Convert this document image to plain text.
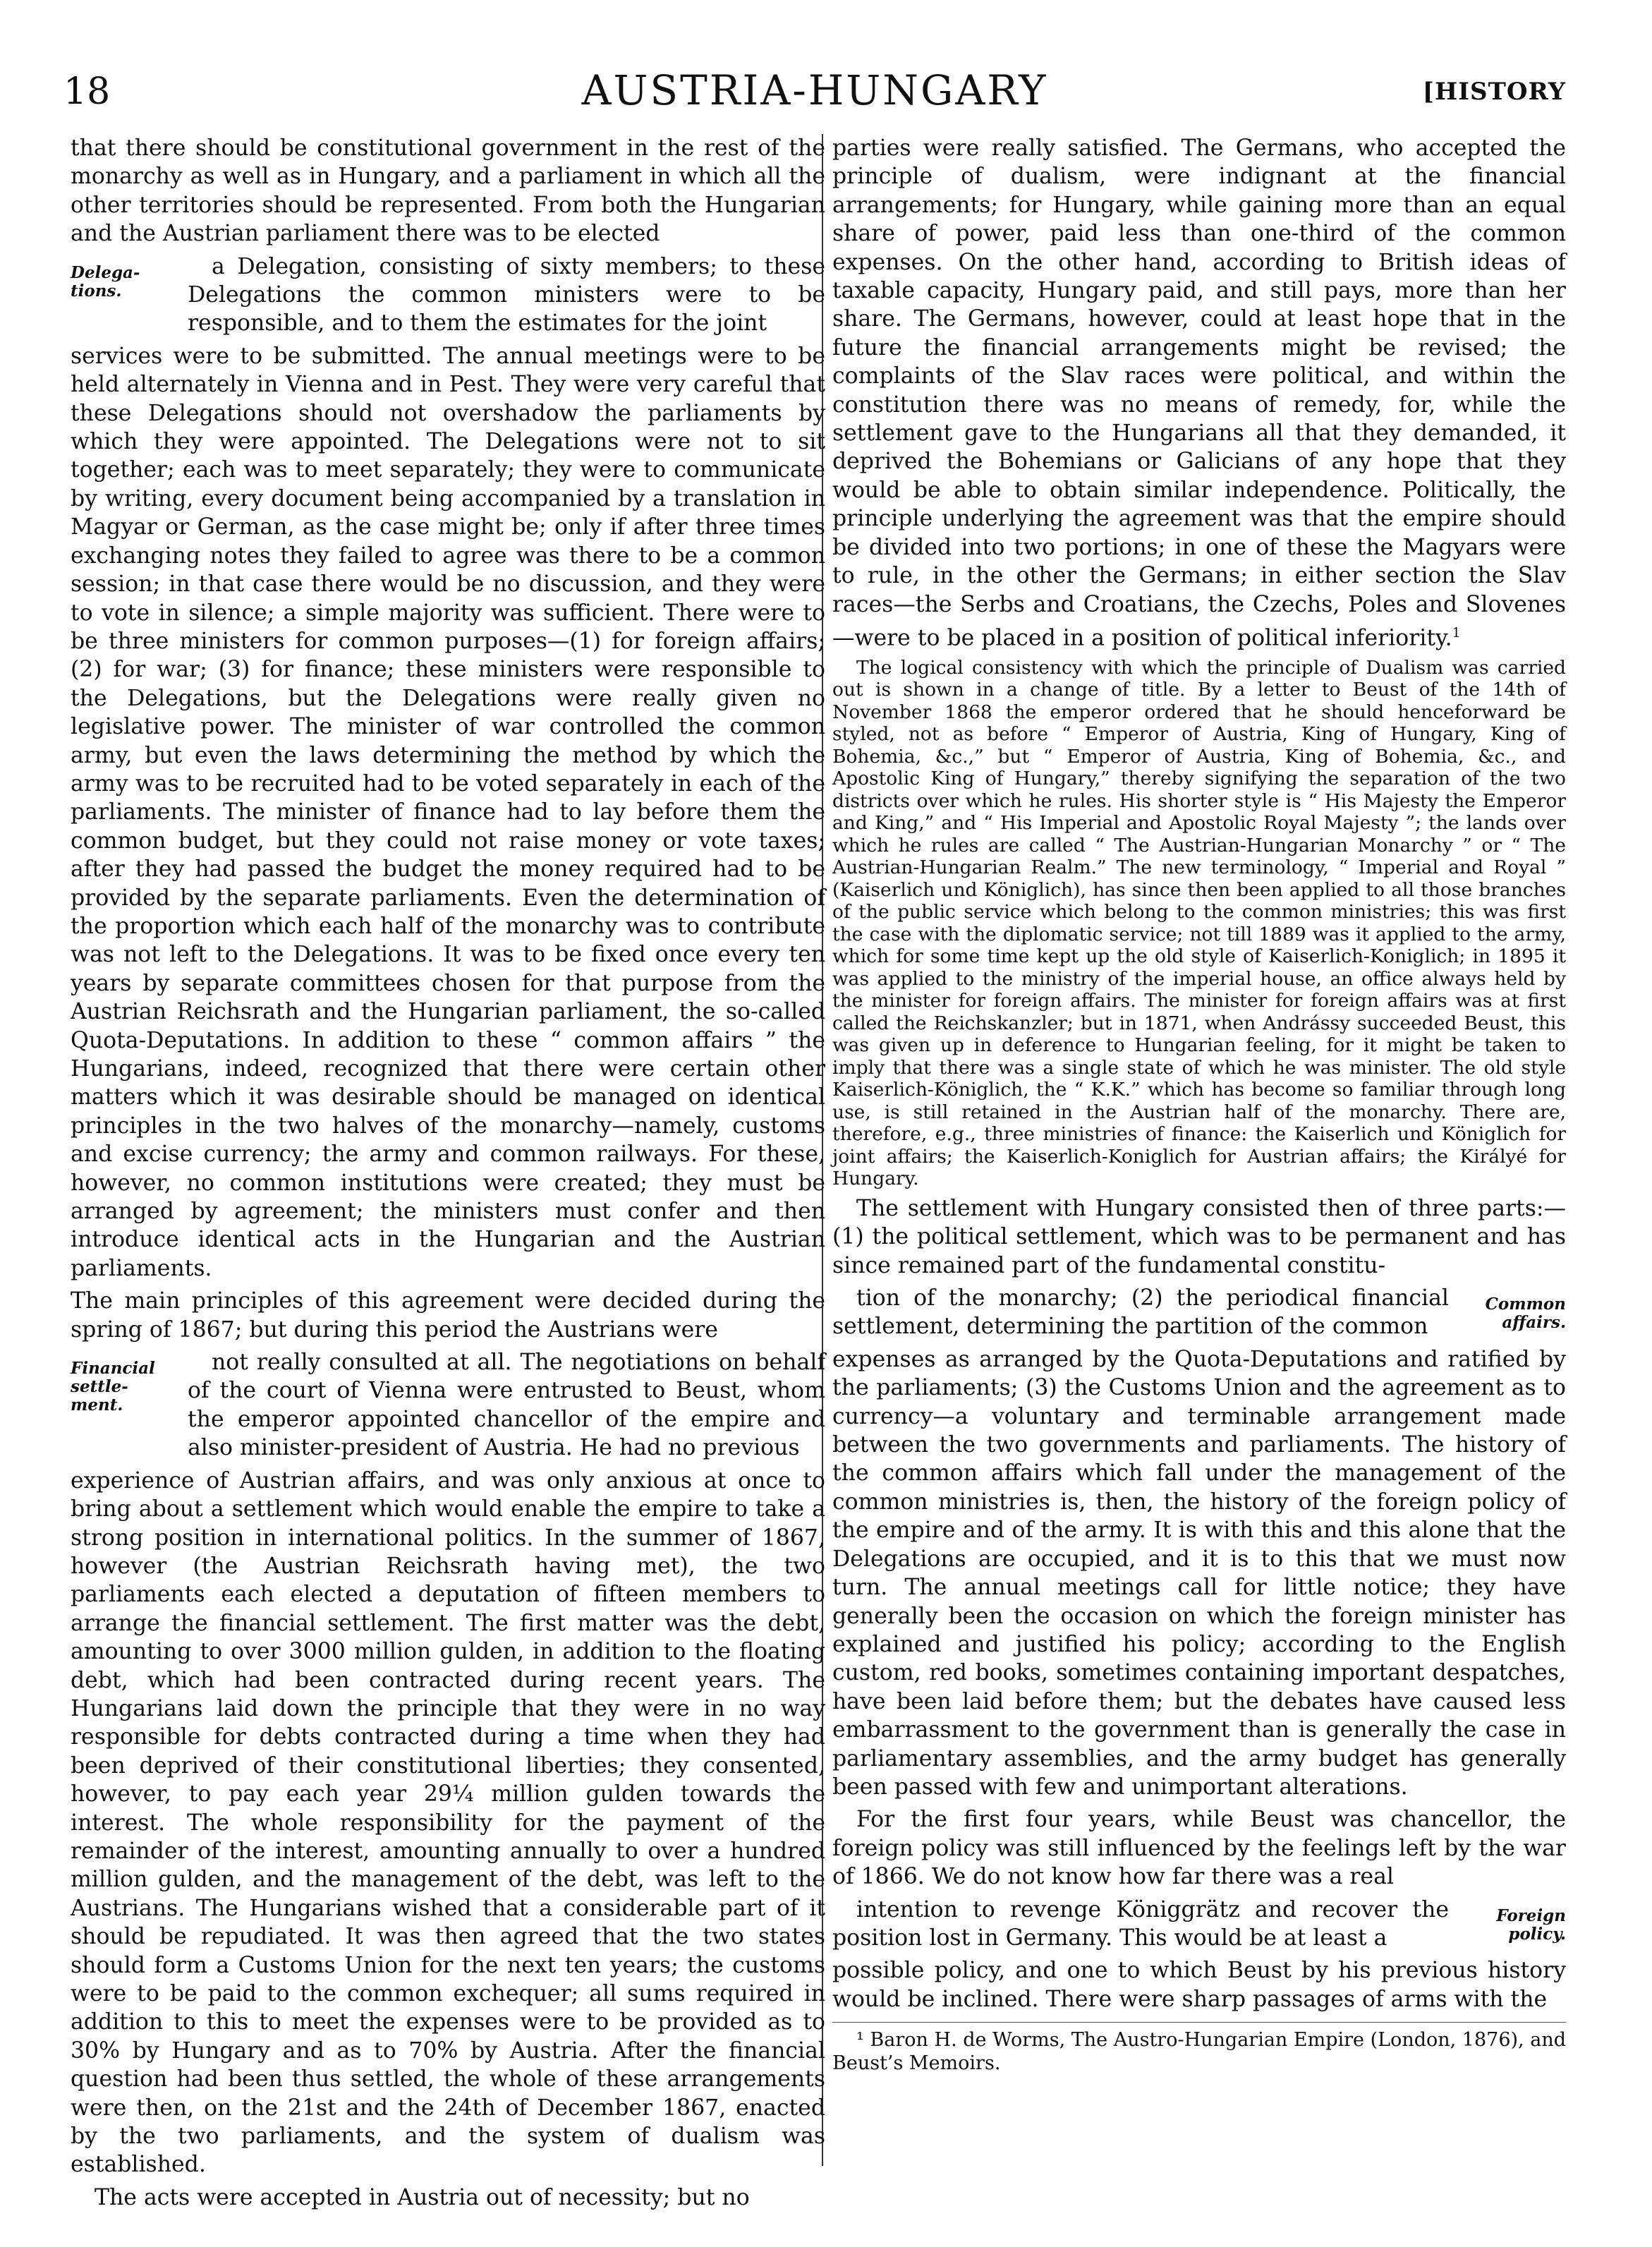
18	AUSTRIA-HUNGARY	[HISTORY

that there should be constitutional government in the rest of the monarchy as well as in Hungary, and a parliament in which all the other territories should be represented. From both the Hungarian and the Austrian parliament there was to be elected

Delega-tions.

a Delegation, consisting of sixty members; to these Delegations the common ministers were to be responsible, and to them the estimates for the joint

services were to be submitted. The annual meetings were to be held alternately in Vienna and in Pest. They were very careful that these Delegations should not overshadow the parliaments by which they were appointed. The Delegations were not to sit together; each was to meet separately; they were to communicate by writing, every document being accompanied by a translation in Magyar or German, as the case might be; only if after three times exchanging notes they failed to agree was there to be a common session; in that case there would be no discussion, and they were to vote in silence; a simple majority was sufficient. There were to be three ministers for common purposes—(1) for foreign affairs; (2) for war; (3) for finance; these ministers were responsible to the Delegations, but the Delegations were really given no legislative power. The minister of war controlled the common army, but even the laws determining the method by which the army was to be recruited had to be voted separately in each of the parliaments. The minister of finance had to lay before them the common budget, but they could not raise money or vote taxes; after they had passed the budget the money required had to be provided by the separate parliaments. Even the determination of the proportion which each half of the monarchy was to contribute was not left to the Delegations. It was to be fixed once every ten years by separate committees chosen for that purpose from the Austrian Reichsrath and the Hungarian parliament, the so-called Quota-Deputations. In addition to these “ common affairs ” the Hungarians, indeed, recognized that there were certain other matters which it was desirable should be managed on identical principles in the two halves of the monarchy—namely, customs and excise currency; the army and common railways. For these, however, no common institutions were created; they must be arranged by agreement; the ministers must confer and then introduce identical acts in the Hungarian and the Austrian parliaments.

The main principles of this agreement were decided during the spring of 1867; but during this period the Austrians were

Financial settle-ment.

not really consulted at all. The negotiations on behalf of the court of Vienna were entrusted to Beust, whom the emperor appointed chancellor of the empire and also minister-president of Austria. He had no previous

experience of Austrian affairs, and was only anxious at once to bring about a settlement which would enable the empire to take a strong position in international politics. In the summer of 1867, however (the Austrian Reichsrath having met), the two parliaments each elected a deputation of fifteen members to arrange the financial settlement. The first matter was the debt, amounting to over 3000 million gulden, in addition to the floating debt, which had been contracted during recent years. The Hungarians laid down the principle that they were in no way responsible for debts contracted during a time when they had been deprived of their constitutional liberties; they consented, however, to pay each year 29¼ million gulden towards the interest. The whole responsibility for the payment of the remainder of the interest, amounting annually to over a hundred million gulden, and the management of the debt, was left to the Austrians. The Hungarians wished that a considerable part of it should be repudiated. It was then agreed that the two states should form a Customs Union for the next ten years; the customs were to be paid to the common exchequer; all sums required in addition to this to meet the expenses were to be provided as to 30% by Hungary and as to 70% by Austria. After the financial question had been thus settled, the whole of these arrangements were then, on the 21st and the 24th of December 1867, enacted by the two parliaments, and the system of dualism was established.

The acts were accepted in Austria out of necessity; but no

parties were really satisfied. The Germans, who accepted the principle of dualism, were indignant at the financial arrangements; for Hungary, while gaining more than an equal share of power, paid less than one-third of the common expenses. On the other hand, according to British ideas of taxable capacity, Hungary paid, and still pays, more than her share. The Germans, however, could at least hope that in the future the financial arrangements might be revised; the complaints of the Slav races were political, and within the constitution there was no means of remedy, for, while the settlement gave to the Hungarians all that they demanded, it deprived the Bohemians or Galicians of any hope that they would be able to obtain similar independence. Politically, the principle underlying the agreement was that the empire should be divided into two portions; in one of these the Magyars were to rule, in the other the Germans; in either section the Slav races—the Serbs and Croatians, the Czechs, Poles and Slovenes—were to be placed in a position of political inferiority.$^1$

The logical consistency with which the principle of Dualism was carried out is shown in a change of title. By a letter to Beust of the 14th of November 1868 the emperor ordered that he should henceforward be styled, not as before “ Emperor of Austria, King of Hungary, King of Bohemia, &c.,” but “ Emperor of Austria, King of Bohemia, &c., and Apostolic King of Hungary,” thereby signifying the separation of the two districts over which he rules. His shorter style is “ His Majesty the Emperor and King,” and “ His Imperial and Apostolic Royal Majesty ”; the lands over which he rules are called “ The Austrian-Hungarian Monarchy ” or “ The Austrian-Hungarian Realm.” The new terminology, “ Imperial and Royal ” (Kaiserlich und Königlich), has since then been applied to all those branches of the public service which belong to the common ministries; this was first the case with the diplomatic service; not till 1889 was it applied to the army, which for some time kept up the old style of Kaiserlich-Koniglich; in 1895 it was applied to the ministry of the imperial house, an office always held by the minister for foreign affairs. The minister for foreign affairs was at first called the Reichskanzler; but in 1871, when Andrássy succeeded Beust, this was given up in deference to Hungarian feeling, for it might be taken to imply that there was a single state of which he was minister. The old style Kaiserlich-Königlich, the “ K.K.” which has become so familiar through long use, is still retained in the Austrian half of the monarchy. There are, therefore, e.g., three ministries of finance: the Kaiserlich und Königlich for joint affairs; the Kaiserlich-Koniglich for Austrian affairs; the Királyé for Hungary.

The settlement with Hungary consisted then of three parts:— (1) the political settlement, which was to be permanent and has since remained part of the fundamental constitu-

tion of the monarchy; (2) the periodical financial settlement, determining the partition of the common

Common affairs.

expenses as arranged by the Quota-Deputations and ratified by the parliaments; (3) the Customs Union and the agreement as to currency—a voluntary and terminable arrangement made between the two governments and parliaments. The history of the common affairs which fall under the management of the common ministries is, then, the history of the foreign policy of the empire and of the army. It is with this and this alone that the Delegations are occupied, and it is to this that we must now turn. The annual meetings call for little notice; they have generally been the occasion on which the foreign minister has explained and justified his policy; according to the English custom, red books, sometimes containing important despatches, have been laid before them; but the debates have caused less embarrassment to the government than is generally the case in parliamentary assemblies, and the army budget has generally been passed with few and unimportant alterations.

For the first four years, while Beust was chancellor, the foreign policy was still influenced by the feelings left by the war of 1866. We do not know how far there was a real

intention to revenge Königgrätz and recover the position lost in Germany. This would be at least a

Foreign policy.

possible policy, and one to which Beust by his previous history would be inclined. There were sharp passages of arms with the

¹ Baron H. de Worms, The Austro-Hungarian Empire (London, 1876), and Beust’s Memoirs.
